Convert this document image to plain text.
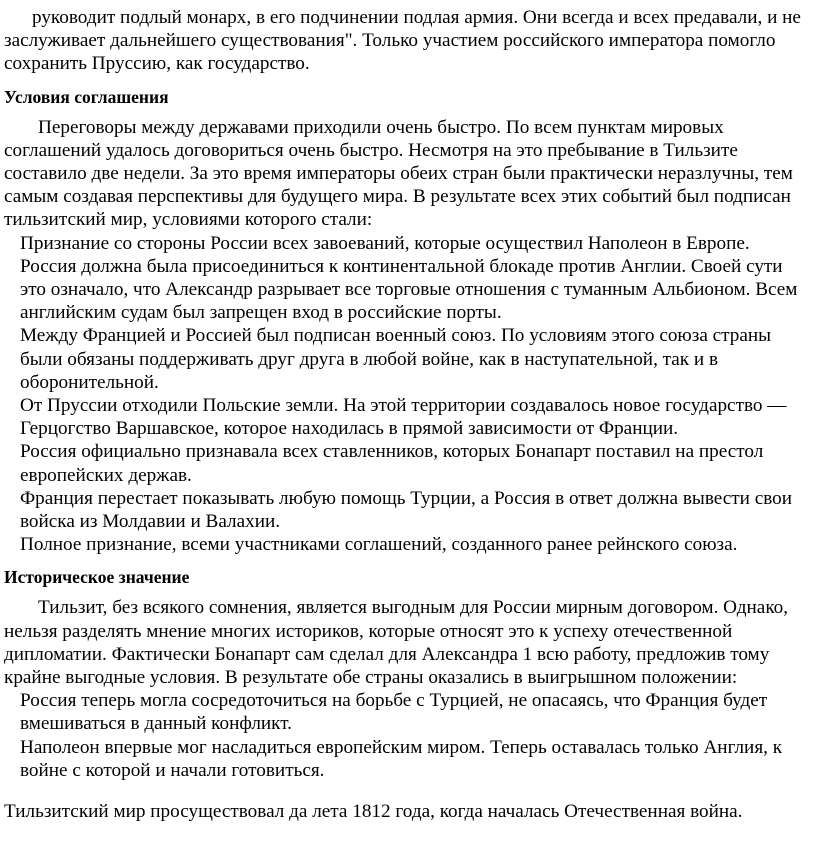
руководит подлый монарх, в его подчинении подлая армия. Они всегда и всех предавали, и не заслуживает дальнейшего существования". Только участием российского императора помогло сохранить Пруссию, как государство.

Условия соглашения

Переговоры между державами приходили очень быстро. По всем пунктам мировых соглашений удалось договориться очень быстро. Несмотря на это пребывание в Тильзите составило две недели. За это время императоры обеих стран были практически неразлучны, тем самым создавая перспективы для будущего мира. В результате всех этих событий был подписан тильзитский мир, условиями которого стали:

Признание со стороны России всех завоеваний, которые осуществил Наполеон в Европе.
Россия должна была присоединиться к континентальной блокаде против Англии. Своей сути это означало, что Александр разрывает все торговые отношения с туманным Альбионом. Всем английским судам был запрещен вход в российские порты.
Между Францией и Россией был подписан военный союз. По условиям этого союза страны были обязаны поддерживать друг друга в любой войне, как в наступательной, так и в оборонительной.
От Пруссии отходили Польские земли. На этой территории создавалось новое государство — Герцогство Варшавское, которое находилась в прямой зависимости от Франции.
Россия официально признавала всех ставленников, которых Бонапарт поставил на престол европейских держав.
Франция перестает показывать любую помощь Турции, а Россия в ответ должна вывести свои войска из Молдавии и Валахии.
Полное признание, всеми участниками соглашений, созданного ранее рейнского союза.
Историческое значение

Тильзит, без всякого сомнения, является выгодным для России мирным договором. Однако, нельзя разделять мнение многих историков, которые относят это к успеху отечественной дипломатии. Фактически Бонапарт сам сделал для Александра 1 всю работу, предложив тому крайне выгодные условия. В результате обе страны оказались в выигрышном положении:

Россия теперь могла сосредоточиться на борьбе с Турцией, не опасаясь, что Франция будет вмешиваться в данный конфликт.
Наполеон впервые мог насладиться европейским миром. Теперь оставалась только Англия, к войне с которой и начали готовиться.

Тильзитский мир просуществовал да лета 1812 года, когда началась Отечественная война.
